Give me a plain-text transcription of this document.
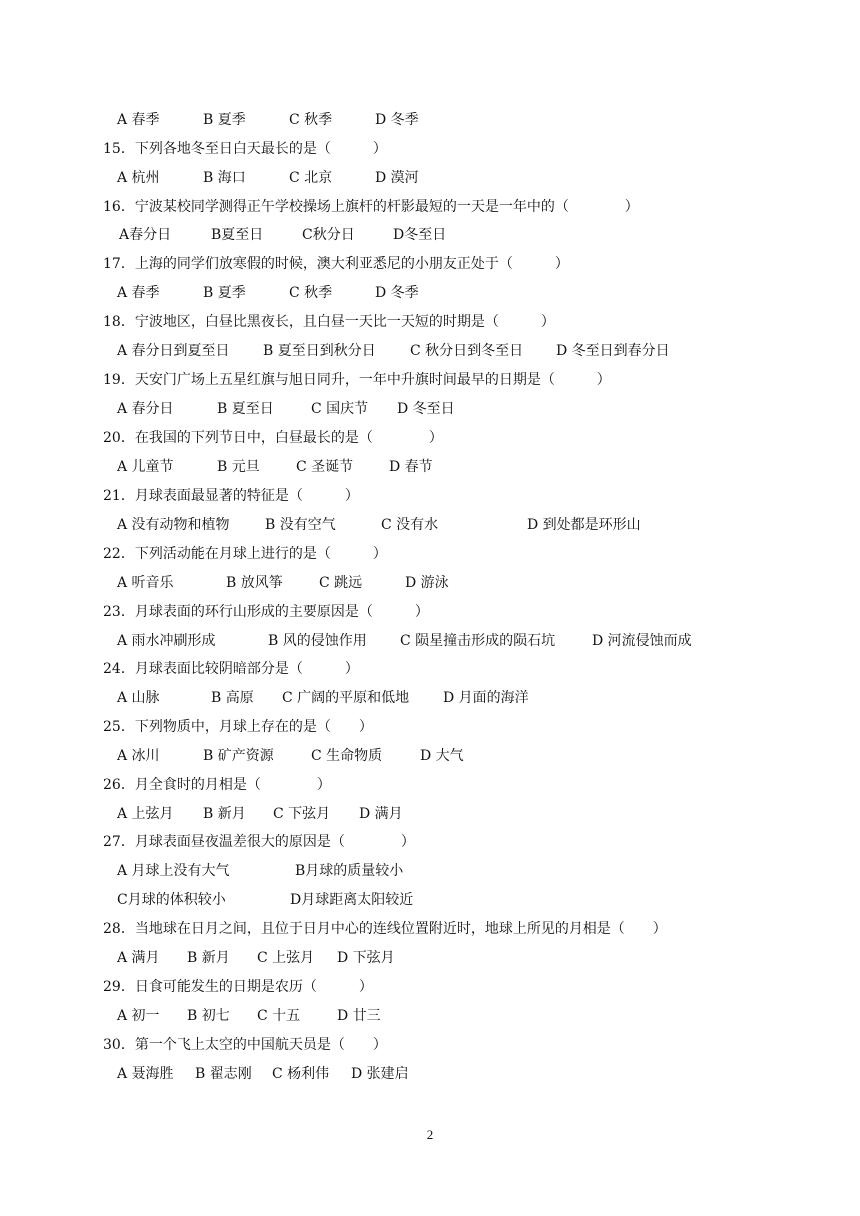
A 春季	B 夏季	C 秋季	D 冬季
15．下列各地冬至日白天最长的是（　　　）
A 杭州	B 海口	C 北京	D 漠河
16．宁波某校同学测得正午学校操场上旗杆的杆影最短的一天是一年中的（　　　　）
A春分日	B夏至日	C秋分日	D冬至日
17．上海的同学们放寒假的时候，澳大利亚悉尼的小朋友正处于（　　　）
A 春季	B 夏季	C 秋季	D 冬季
18．宁波地区，白昼比黑夜长，且白昼一天比一天短的时期是（　　　）
A 春分日到夏至日 B 夏至日到秋分日 C 秋分日到冬至日 D 冬至日到春分日
19．天安门广场上五星红旗与旭日同升，一年中升旗时间最早的日期是（　　　）
A 春分日	B 夏至日	C 国庆节 D 冬至日
20．在我国的下列节日中，白昼最长的是（　　　　）
A 儿童节	B 元旦	C 圣诞节	D 春节
21．月球表面最显著的特征是（　　　）
A 没有动物和植物	B 没有空气	C 没有水	D 到处都是环形山
22．下列活动能在月球上进行的是（　　　）
A 听音乐	B 放风筝	C 跳远	D 游泳
23．月球表面的环行山形成的主要原因是（　　　）
A 雨水冲刷形成	B 风的侵蚀作用 C 陨星撞击形成的陨石坑	D 河流侵蚀而成
24．月球表面比较阴暗部分是（　　　）
A 山脉	B 高原 C 广阔的平原和低地 D 月面的海洋
25．下列物质中，月球上存在的是（　　）
A 冰川	B 矿产资源	C 生命物质	D 大气
26．月全食时的月相是（　　　　）
A 上弦月 B 新月 C 下弦月 D 满月
27．月球表面昼夜温差很大的原因是（　　　　）
A 月球上没有大气	B月球的质量较小
C月球的体积较小	D月球距离太阳较近
28．当地球在日月之间，且位于日月中心的连线位置附近时，地球上所见的月相是（　　）
A 满月 B 新月 C 上弦月 D 下弦月
29．日食可能发生的日期是农历（　　　）
A 初一 B 初七 C 十五	D 廿三
30．第一个飞上太空的中国航天员是（　　）
A 聂海胜 B 翟志刚 C 杨利伟 D 张建启
2
